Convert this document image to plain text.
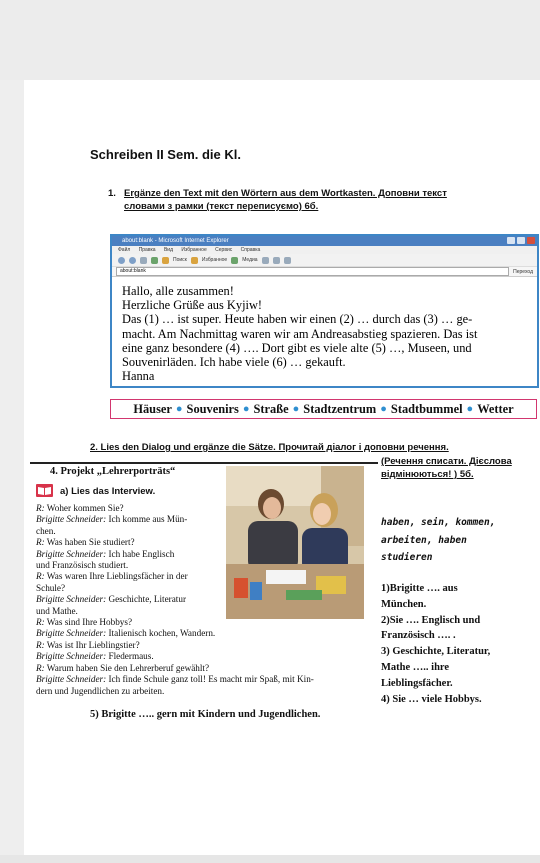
Schreiben II Sem. die Kl.
1. Ergänze den Text mit den Wörtern aus dem Wortkasten. Доповни текст словами з рамки (текст переписуємо) 6б.
about:blank - Microsoft Internet Explorer
Файл Правка Вид Избранное Сервис Справка
Поиск	Избранное	Медиа
about:blank	Переход
Hallo, alle zusammen!
Herzliche Grüße aus Kyjiw!
Das (1) … ist super. Heute haben wir einen (2) … durch das (3) … ge-
macht. Am Nachmittag waren wir am Andreasabstieg spazieren. Das ist
eine ganz besondere (4) …. Dort gibt es viele alte (5) …, Museen, und
Souvenirläden. Ich habe viele (6) … gekauft.
Hanna
Häuser ● Souvenirs ● Straße ● Stadtzentrum ● Stadtbummel ● Wetter
2. Lies den Dialog und ergänze die Sätze. Прочитай діалог і доповни речення.
(Речення списати. Дієслова відмінюються! ) 5б.
4. Projekt „Lehrerporträts“
a) Lies das Interview.
R: Woher kommen Sie?
Brigitte Schneider: Ich komme aus Mün-
chen.
R: Was haben Sie studiert?
Brigitte Schneider: Ich habe Englisch
und Französisch studiert.
R: Was waren Ihre Lieblingsfächer in der
Schule?
Brigitte Schneider: Geschichte, Literatur
und Mathe.
R: Was sind Ihre Hobbys?
Brigitte Schneider: Italienisch kochen, Wandern.
R: Was ist Ihr Lieblingstier?
Brigitte Schneider: Fledermaus.
R: Warum haben Sie den Lehrerberuf gewählt?
Brigitte Schneider: Ich finde Schule ganz toll! Es macht mir Spaß, mit Kin-
dern und Jugendlichen zu arbeiten.
5) Brigitte ….. gern mit Kindern und Jugendlichen.
haben, sein, kommen,
arbeiten, haben
studieren
1)Brigitte …. aus
München.
2)Sie …. Englisch und
Französisch …. .
3) Geschichte, Literatur,
Mathe ….. ihre
Lieblingsfächer.
4) Sie … viele Hobbys.
